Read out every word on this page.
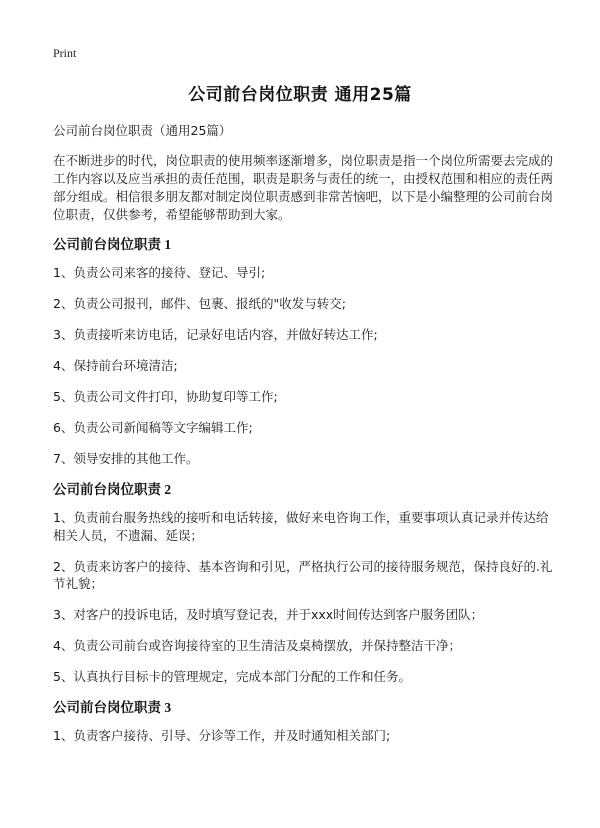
Print
公司前台岗位职责 通用25篇

公司前台岗位职责（通用25篇）

在不断进步的时代，岗位职责的使用频率逐渐增多，岗位职责是指一个岗位所需要去完成的工作内容以及应当承担的责任范围，职责是职务与责任的统一，由授权范围和相应的责任两部分组成。相信很多朋友都对制定岗位职责感到非常苦恼吧，以下是小编整理的公司前台岗位职责，仅供参考，希望能够帮助到大家。

公司前台岗位职责 1

1、负责公司来客的接待、登记、导引;

2、负责公司报刊，邮件、包裹、报纸的"收发与转交;

3、负责接听来访电话，记录好电话内容，并做好转达工作;

4、保持前台环境清洁;

5、负责公司文件打印，协助复印等工作;

6、负责公司新闻稿等文字编辑工作;

7、领导安排的其他工作。

公司前台岗位职责 2

1、负责前台服务热线的接听和电话转接，做好来电咨询工作，重要事项认真记录并传达给相关人员，不遗漏、延误；

2、负责来访客户的接待、基本咨询和引见，严格执行公司的接待服务规范，保持良好的.礼节礼貌；

3、对客户的投诉电话，及时填写登记表，并于xxx时间传达到客户服务团队；

4、负责公司前台或咨询接待室的卫生清洁及桌椅摆放，并保持整洁干净；

5、认真执行目标卡的管理规定，完成本部门分配的工作和任务。

公司前台岗位职责 3

1、负责客户接待、引导、分诊等工作，并及时通知相关部门;
